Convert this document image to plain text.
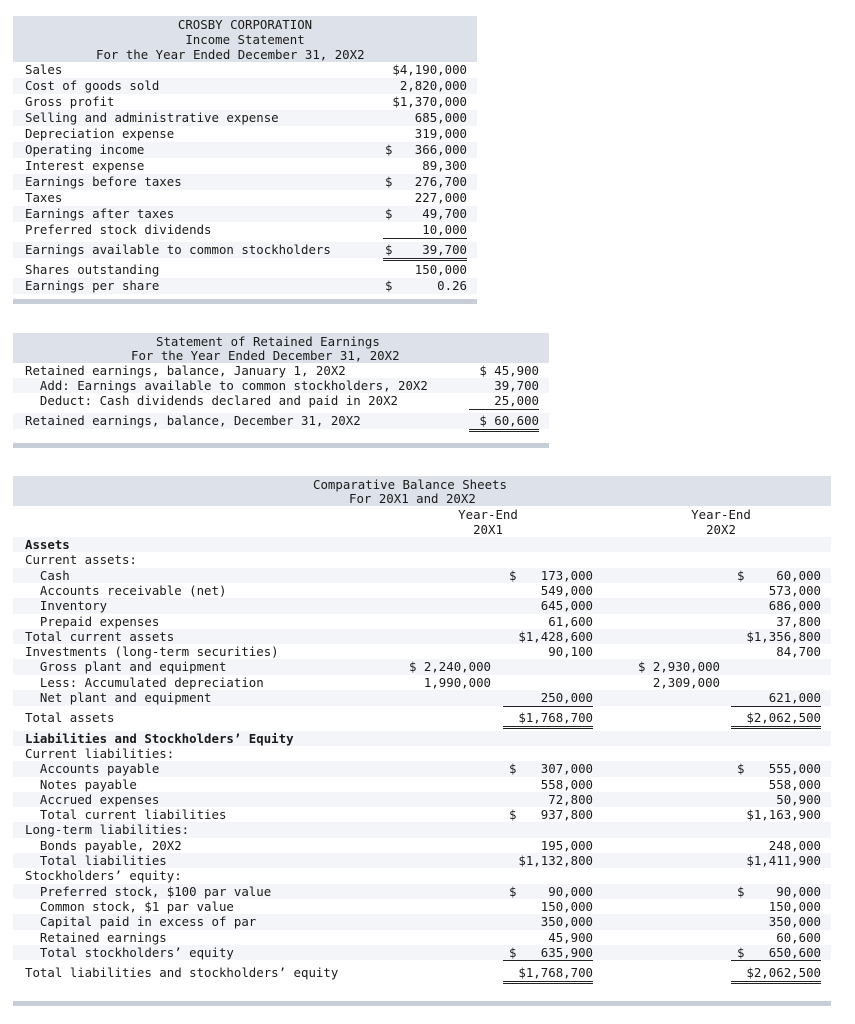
CROSBY CORPORATION
Income Statement
For the Year Ended December 31, 20X2
Sales	$4,190,000
Cost of goods sold	2,820,000
Gross profit	$1,370,000
Selling and administrative expense	685,000
Depreciation expense	319,000
Operating income	$	366,000
Interest expense	89,300
Earnings before taxes	$	276,700
Taxes	227,000
Earnings after taxes	$	49,700
Preferred stock dividends	10,000
Earnings available to common stockholders	$	39,700
Shares outstanding	150,000
Earnings per share	$	0.26
Statement of Retained Earnings
For the Year Ended December 31, 20X2
Retained earnings, balance, January 1, 20X2	$ 45,900
Add: Earnings available to common stockholders, 20X2	39,700
Deduct: Cash dividends declared and paid in 20X2	25,000
Retained earnings, balance, December 31, 20X2	$ 60,600
Comparative Balance Sheets
For 20X1 and 20X2
Year-End
20X1
Year-End
20X2
Assets
Current assets:
Cash	$	173,000	$	60,000
Accounts receivable (net)	549,000	573,000
Inventory	645,000	686,000
Prepaid expenses	61,600	37,800
Total current assets	$1,428,600	$1,356,800
Investments (long-term securities)	90,100	84,700
Gross plant and equipment	$ 2,240,000	$ 2,930,000
Less: Accumulated depreciation	1,990,000	2,309,000
Net plant and equipment	250,000	621,000
Total assets	$1,768,700	$2,062,500
Liabilities and Stockholders’ Equity
Current liabilities:
Accounts payable	$	307,000	$	555,000
Notes payable	558,000	558,000
Accrued expenses	72,800	50,900
Total current liabilities	$	937,800	$1,163,900
Long-term liabilities:
Bonds payable, 20X2	195,000	248,000
Total liabilities	$1,132,800	$1,411,900
Stockholders’ equity:
Preferred stock, $100 par value	$	90,000	$	90,000
Common stock, $1 par value	150,000	150,000
Capital paid in excess of par	350,000	350,000
Retained earnings	45,900	60,600
Total stockholders’ equity	$	635,900	$	650,600
Total liabilities and stockholders’ equity	$1,768,700	$2,062,500
